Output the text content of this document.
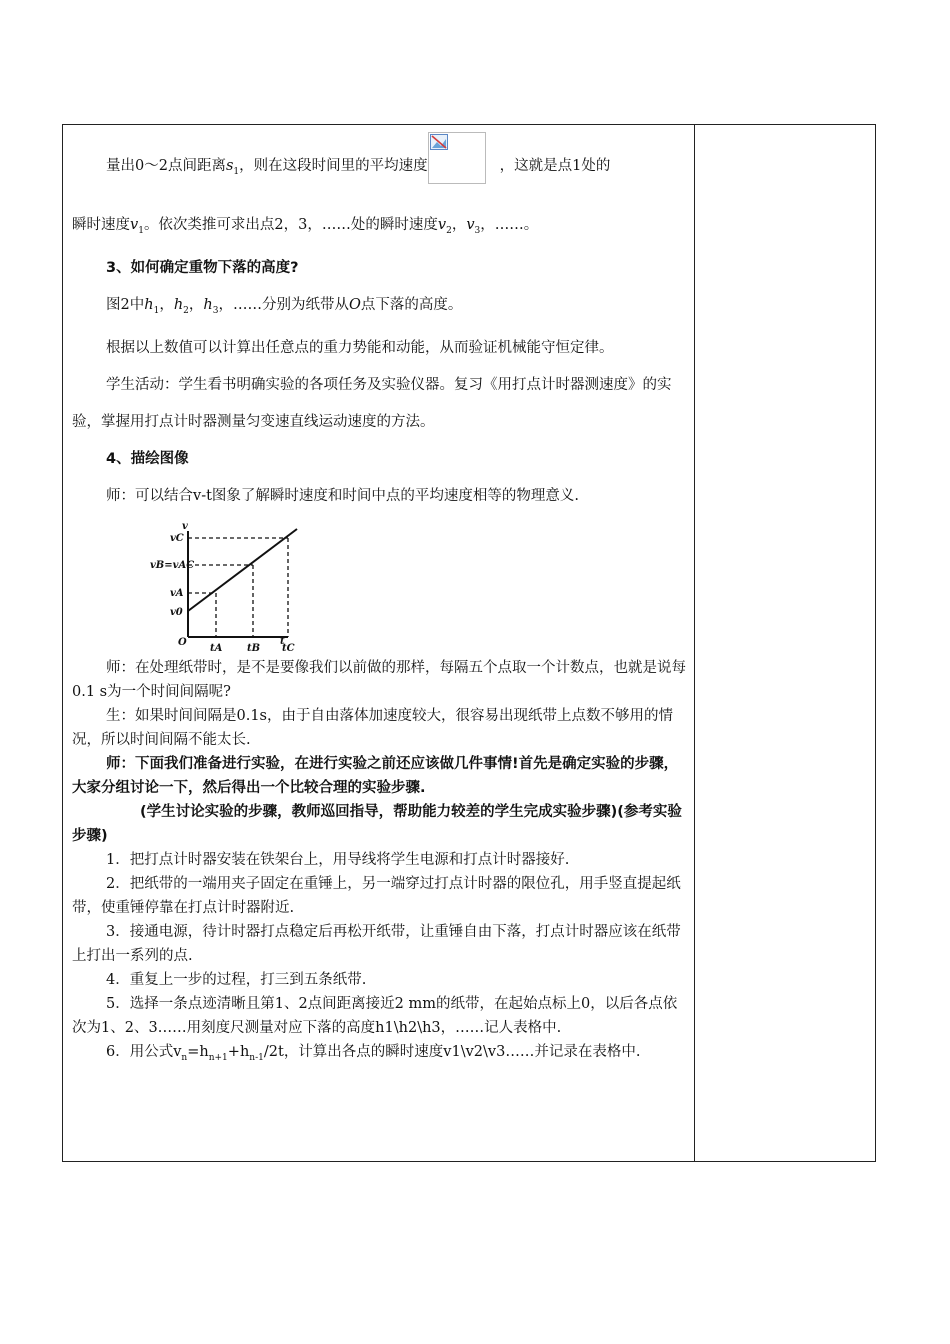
量出0～2点间距离$s_1$，则在这段时间里的平均速度	，这就是点1处的

瞬时速度$v_1$。依次类推可求出点2，3，……处的瞬时速度$v_2$，$v_3$，……。

3、如何确定重物下落的高度?

图2中$h_1$，$h_2$，$h_3$，……分别为纸带从O点下落的高度。

根据以上数值可以计算出任意点的重力势能和动能，从而验证机械能守恒定律。

学生活动：学生看书明确实验的各项任务及实验仪器。复习《用打点计时器测速度》的实验，掌握用打点计时器测量匀变速直线运动速度的方法。

4、描绘图像

师：可以结合v-t图象了解瞬时速度和时间中点的平均速度相等的物理意义.

v
t
O
vC
vB=vAC
vA
v0
tA tB tC

师：在处理纸带时，是不是要像我们以前做的那样，每隔五个点取一个计数点，也就是说每0.1 s为一个时间间隔呢?

生：如果时间间隔是0.1s，由于自由落体加速度较大，很容易出现纸带上点数不够用的情况，所以时间间隔不能太长.

师：下面我们准备进行实验，在进行实验之前还应该做几件事情!首先是确定实验的步骤，大家分组讨论一下，然后得出一个比较合理的实验步骤.

(学生讨论实验的步骤，教师巡回指导，帮助能力较差的学生完成实验步骤)(参考实验步骤)

1．把打点计时器安装在铁架台上，用导线将学生电源和打点计时器接好.

2．把纸带的一端用夹子固定在重锤上，另一端穿过打点计时器的限位孔，用手竖直提起纸带，使重锤停靠在打点计时器附近.

3．接通电源，待计时器打点稳定后再松开纸带，让重锤自由下落，打点计时器应该在纸带上打出一系列的点.

4．重复上一步的过程，打三到五条纸带.

5．选择一条点迹清晰且第1、2点间距离接近2 mm的纸带，在起始点标上0，以后各点依次为1、2、3……用刻度尺测量对应下落的高度h1\h2\h3，……记人表格中.

6．用公式$v_n=h_{n+1}+h_{n-1}/2t$，计算出各点的瞬时速度v1\v2\v3……并记录在表格中.
